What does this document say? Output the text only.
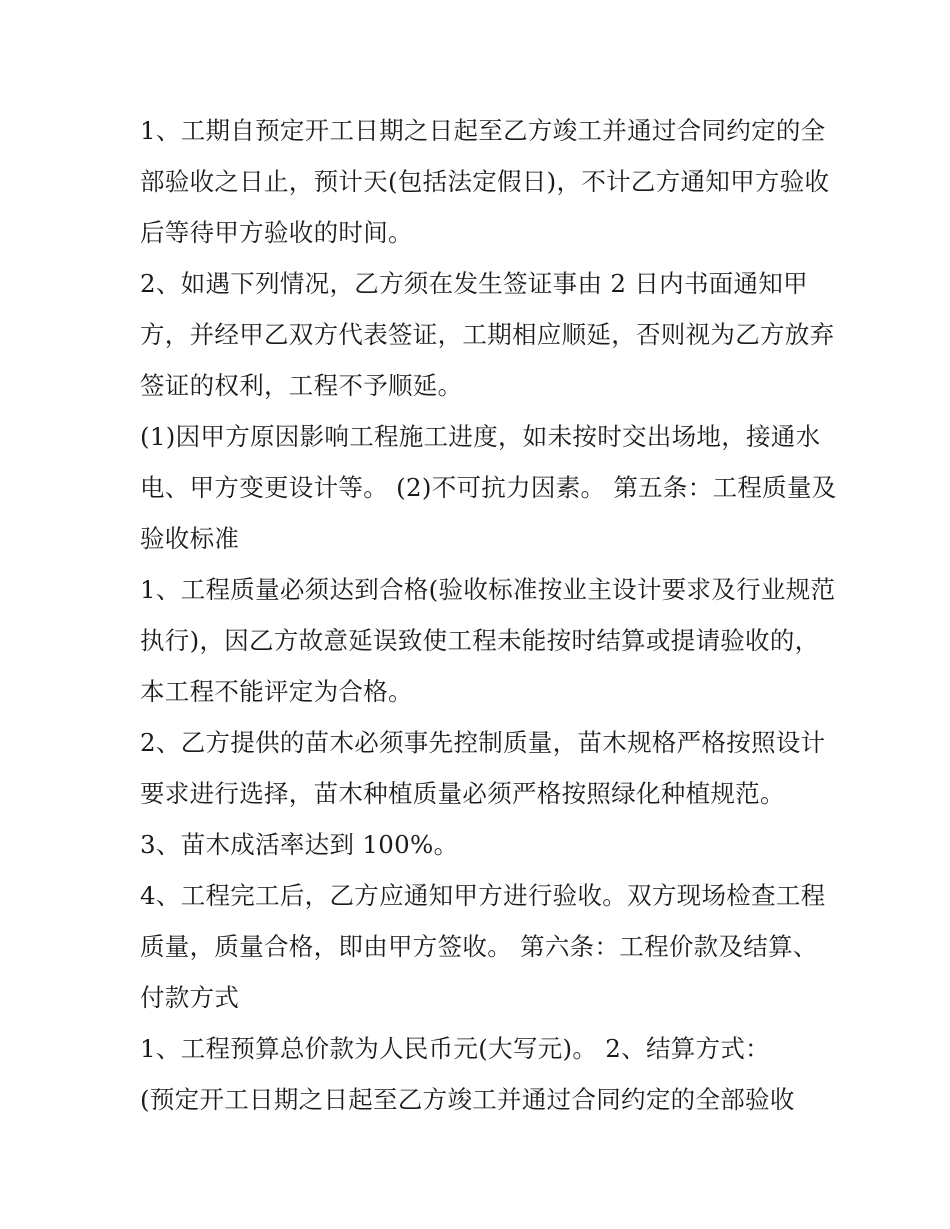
1、工期自预定开工日期之日起至乙方竣工并通过合同约定的全部验收之日止，预计天(包括法定假日)，不计乙方通知甲方验收后等待甲方验收的时间。

2、如遇下列情况，乙方须在发生签证事由 2 日内书面通知甲方，并经甲乙双方代表签证，工期相应顺延，否则视为乙方放弃签证的权利，工程不予顺延。

(1)因甲方原因影响工程施工进度，如未按时交出场地，接通水电、甲方变更设计等。 (2)不可抗力因素。 第五条：工程质量及验收标准

1、工程质量必须达到合格(验收标准按业主设计要求及行业规范执行)，因乙方故意延误致使工程未能按时结算或提请验收的，本工程不能评定为合格。

2、乙方提供的苗木必须事先控制质量，苗木规格严格按照设计要求进行选择，苗木种植质量必须严格按照绿化种植规范。

3、苗木成活率达到 100%。

4、工程完工后，乙方应通知甲方进行验收。双方现场检查工程质量，质量合格，即由甲方签收。 第六条：工程价款及结算、付款方式

1、工程预算总价款为人民币元(大写元)。 2、结算方式：

(预定开工日期之日起至乙方竣工并通过合同约定的全部验收
